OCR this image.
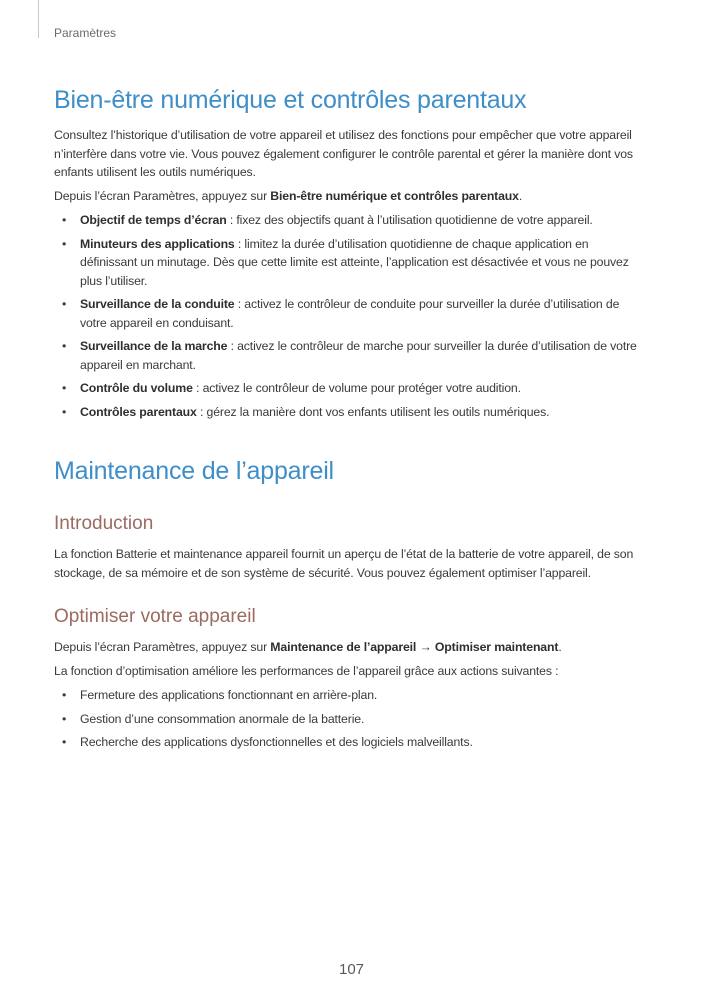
Paramètres
Bien-être numérique et contrôles parentaux

Consultez l’historique d’utilisation de votre appareil et utilisez des fonctions pour empêcher que votre appareil n’interfère dans votre vie. Vous pouvez également configurer le contrôle parental et gérer la manière dont vos enfants utilisent les outils numériques.

Depuis l’écran Paramètres, appuyez sur Bien-être numérique et contrôles parentaux.

• Objectif de temps d’écran : fixez des objectifs quant à l’utilisation quotidienne de votre appareil.
• Minuteurs des applications : limitez la durée d’utilisation quotidienne de chaque application en définissant un minutage. Dès que cette limite est atteinte, l’application est désactivée et vous ne pouvez plus l’utiliser.
• Surveillance de la conduite : activez le contrôleur de conduite pour surveiller la durée d’utilisation de votre appareil en conduisant.
• Surveillance de la marche : activez le contrôleur de marche pour surveiller la durée d’utilisation de votre appareil en marchant.
• Contrôle du volume : activez le contrôleur de volume pour protéger votre audition.
• Contrôles parentaux : gérez la manière dont vos enfants utilisent les outils numériques.
Maintenance de l’appareil
Introduction

La fonction Batterie et maintenance appareil fournit un aperçu de l’état de la batterie de votre appareil, de son stockage, de sa mémoire et de son système de sécurité. Vous pouvez également optimiser l’appareil.

Optimiser votre appareil

Depuis l’écran Paramètres, appuyez sur Maintenance de l’appareil → Optimiser maintenant.

La fonction d’optimisation améliore les performances de l’appareil grâce aux actions suivantes :

• Fermeture des applications fonctionnant en arrière-plan.
• Gestion d’une consommation anormale de la batterie.
• Recherche des applications dysfonctionnelles et des logiciels malveillants.
107
